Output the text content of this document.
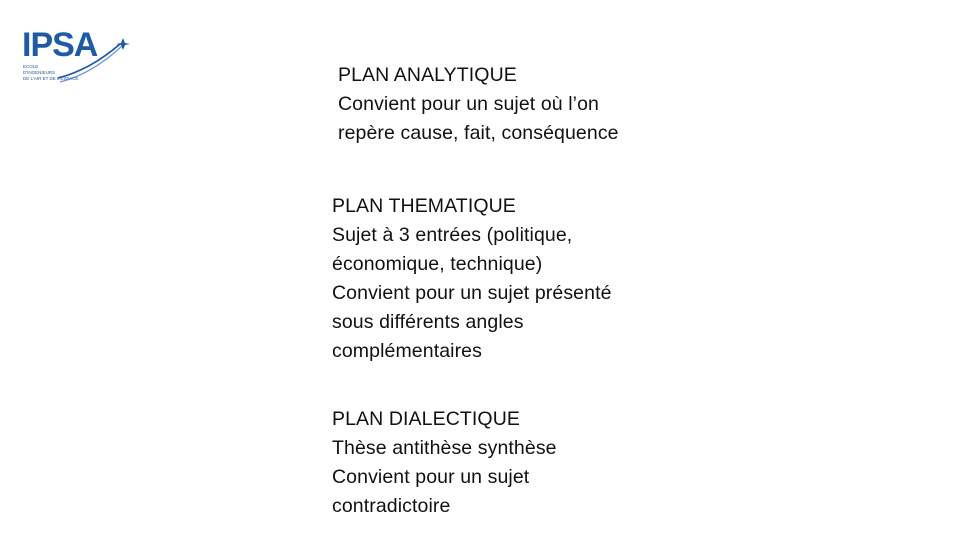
IPSA
ECOLE
D'INGENIEURS
DE L'AIR ET DE L'ESPACE	PLAN ANALYTIQUE
Convient pour un sujet où l’on
repère cause, fait, conséquence
PLAN THEMATIQUE
Sujet à 3 entrées (politique,
économique, technique)
Convient pour un sujet présenté
sous différents angles
complémentaires
PLAN DIALECTIQUE
Thèse antithèse synthèse
Convient pour un sujet
contradictoire
